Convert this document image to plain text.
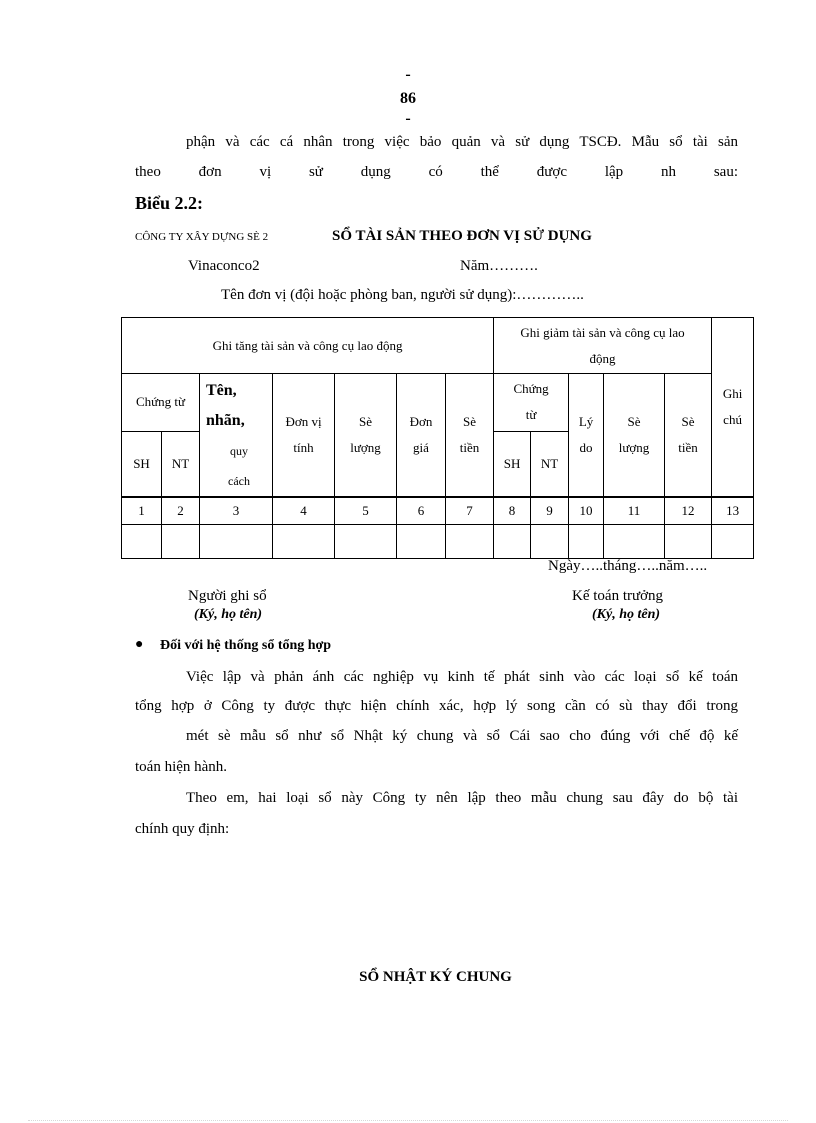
-
86
-
phận và các cá nhân trong việc bảo quản và sử dụng TSCĐ. Mẫu sổ tài sản
theo đơn vị sử dụng có thể được lập nh sau:
Biểu 2.2:
CÔNG TY XÂY DỰNG SÈ 2	SỔ TÀI SẢN THEO ĐƠN VỊ SỬ DỤNG
Vinaconco2	Năm……….
Tên đơn vị (đội hoặc phòng ban, người sử dụng):…………..
Ghi tăng tài sản và công cụ lao động							Ghi giảm tài sản và công cụ lao động					Ghi chú
Chứng từ		Tên, nhãn,
quy cách	Đơn vị tính	Sè lượng	Đơn giá	Sè tiền	Chứng từ		Lý do	Sè lượng	Sè tiền	
SH	NT						SH	NT				
1	2	3	4	5	6	7	8	9	10	11	12	13

Ngày…..tháng…..năm…..
Người ghi sổ
(Ký, họ tên)
Kế toán trưởng
(Ký, họ tên)
● Đối với hệ thống sổ tổng hợp
Việc lập và phản ánh các nghiệp vụ kinh tế phát sinh vào các loại sổ kế toán
tổng hợp ở Công ty được thực hiện chính xác, hợp lý song cần có sù thay đổi trong
mét sè mẫu sổ như sổ Nhật ký chung và sổ Cái sao cho đúng với chế độ kế
toán hiện hành.
Theo em, hai loại sổ này Công ty nên lập theo mẫu chung sau đây do bộ tài
chính quy định:
SỔ NHẬT KÝ CHUNG
